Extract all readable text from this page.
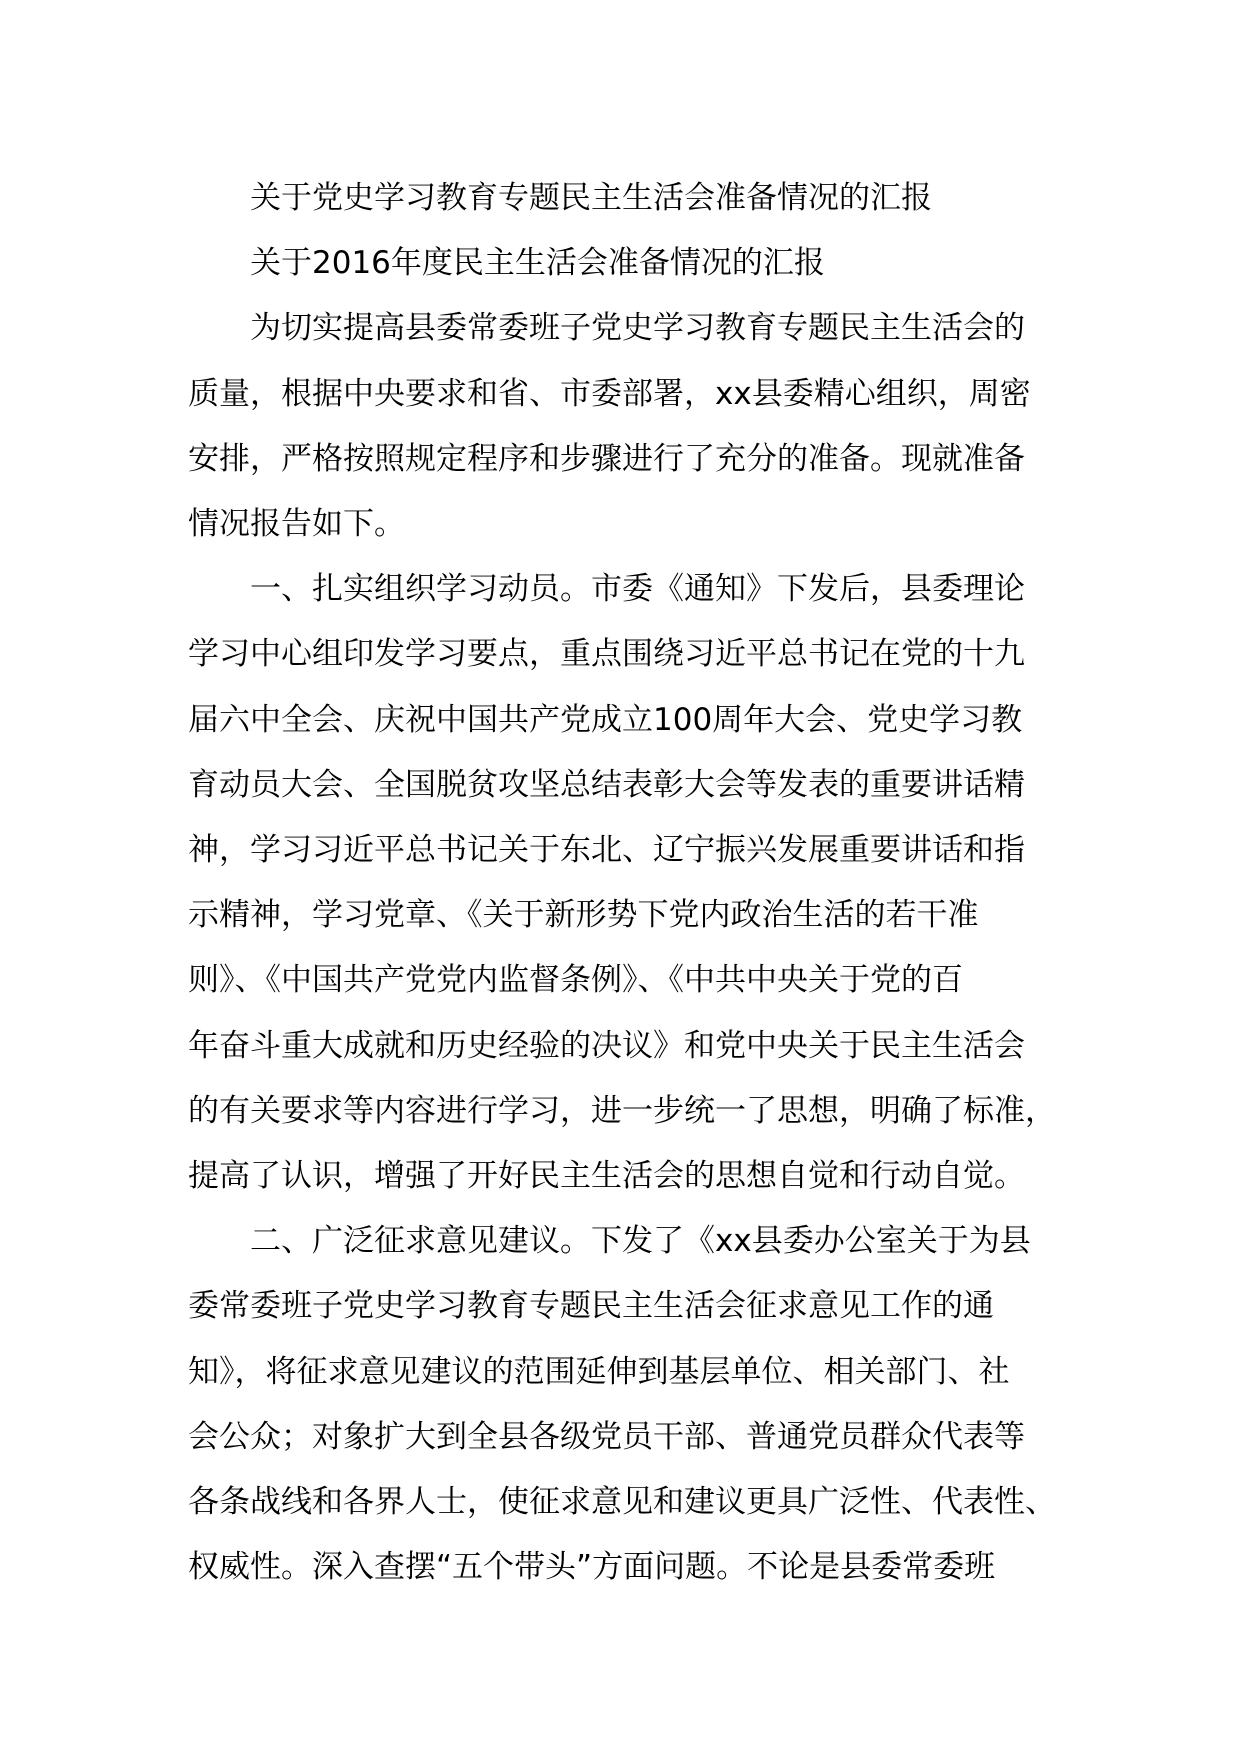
关于党史学习教育专题民主生活会准备情况的汇报

关于2016年度民主生活会准备情况的汇报

为切实提高县委常委班子党史学习教育专题民主生活会的
质量，根据中央要求和省、市委部署，xx县委精心组织，周密
安排，严格按照规定程序和步骤进行了充分的准备。现就准备
情况报告如下。

一、扎实组织学习动员。市委《通知》下发后，县委理论
学习中心组印发学习要点，重点围绕习近平总书记在党的十九
届六中全会、庆祝中国共产党成立100周年大会、党史学习教
育动员大会、全国脱贫攻坚总结表彰大会等发表的重要讲话精
神，学习习近平总书记关于东北、辽宁振兴发展重要讲话和指
示精神，学习党章、《关于新形势下党内政治生活的若干准
则》、《中国共产党党内监督条例》、《中共中央关于党的百
年奋斗重大成就和历史经验的决议》和党中央关于民主生活会
的有关要求等内容进行学习，进一步统一了思想，明确了标准，
提高了认识，增强了开好民主生活会的思想自觉和行动自觉。

二、广泛征求意见建议。下发了《xx县委办公室关于为县
委常委班子党史学习教育专题民主生活会征求意见工作的通
知》，将征求意见建议的范围延伸到基层单位、相关部门、社
会公众；对象扩大到全县各级党员干部、普通党员群众代表等
各条战线和各界人士，使征求意见和建议更具广泛性、代表性、
权威性。深入查摆“五个带头”方面问题。不论是县委常委班
